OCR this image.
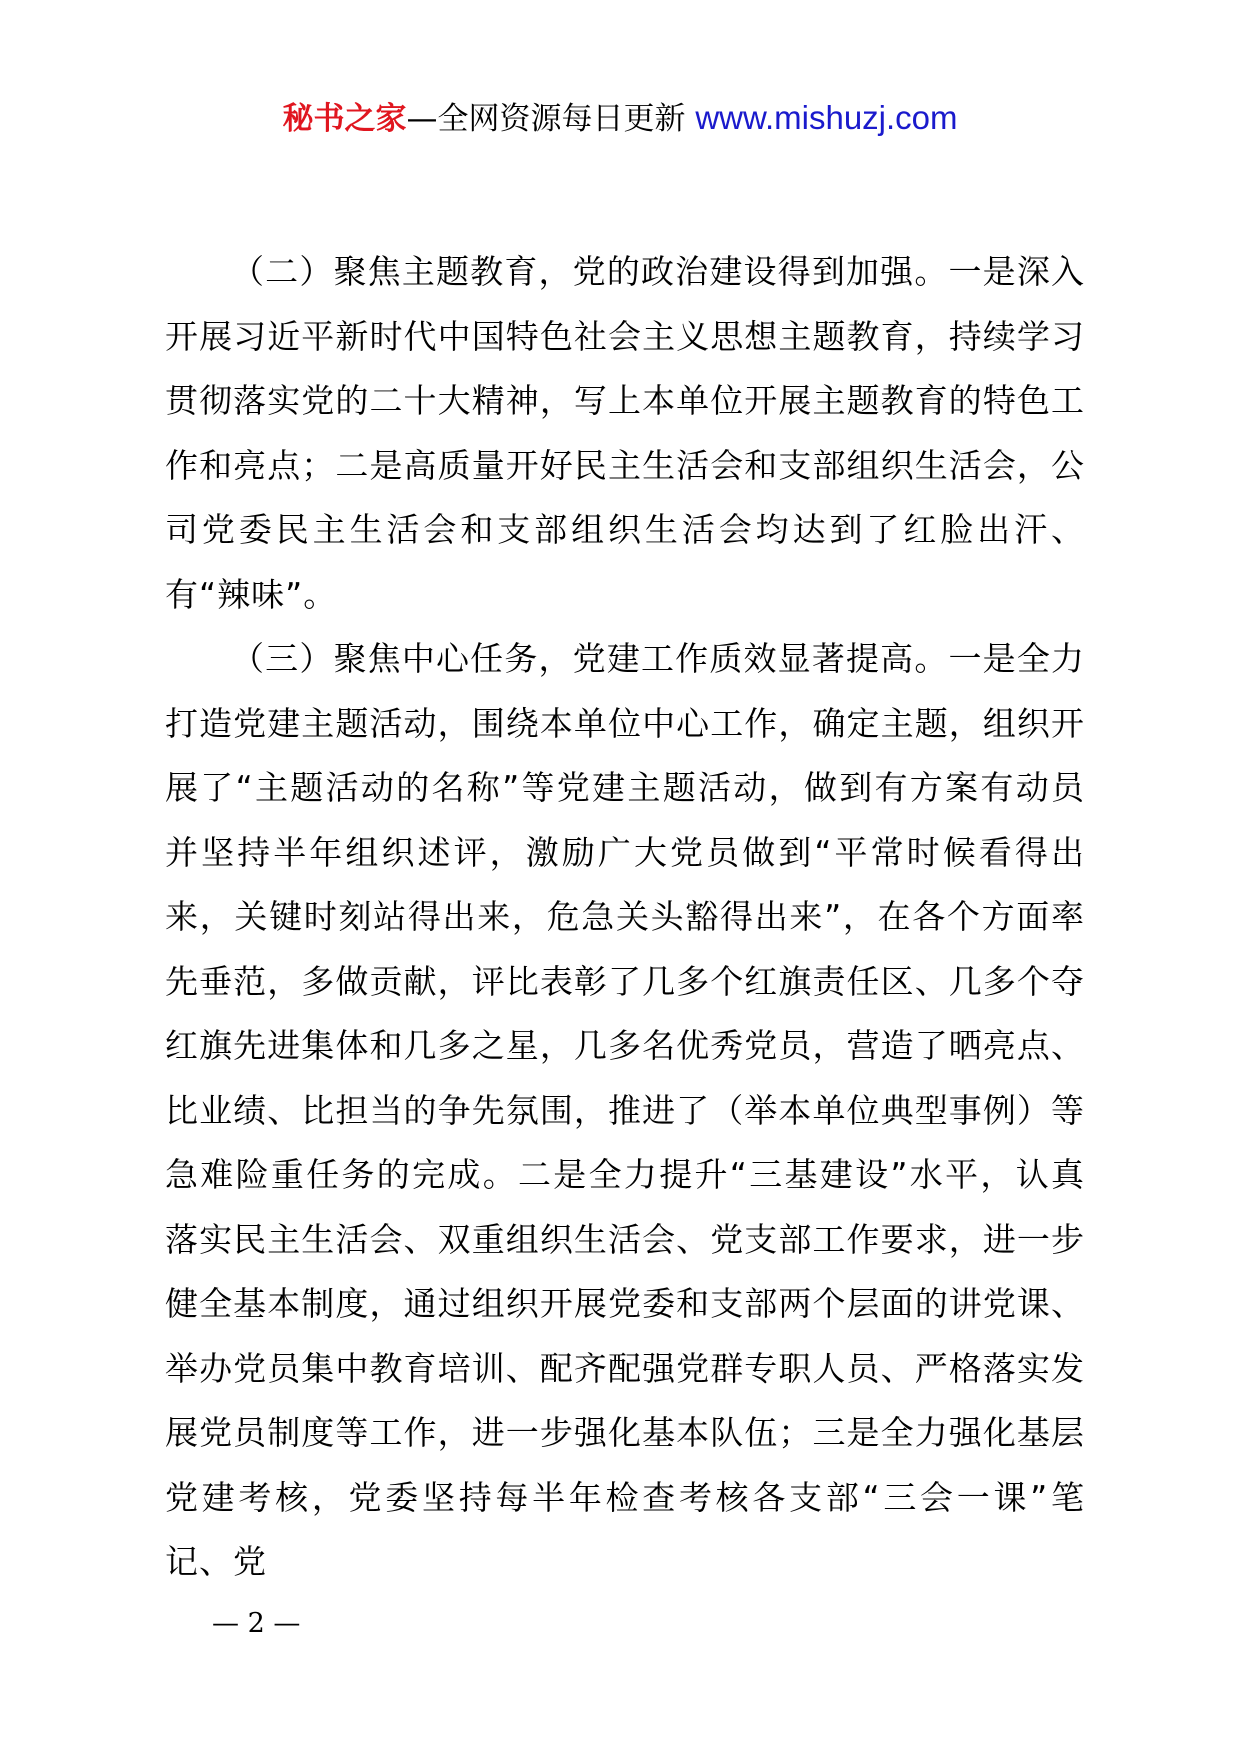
秘书之家—全网资源每日更新 www.mishuzj.com

（二）聚焦主题教育，党的政治建设得到加强。一是深入开展习近平新时代中国特色社会主义思想主题教育，持续学习贯彻落实党的二十大精神，写上本单位开展主题教育的特色工作和亮点；二是高质量开好民主生活会和支部组织生活会，公司党委民主生活会和支部组织生活会均达到了红脸出汗、有“辣味”。

（三）聚焦中心任务，党建工作质效显著提高。一是全力打造党建主题活动，围绕本单位中心工作，确定主题，组织开展了“主题活动的名称”等党建主题活动，做到有方案有动员并坚持半年组织述评，激励广大党员做到“平常时候看得出来，关键时刻站得出来，危急关头豁得出来”，在各个方面率先垂范，多做贡献，评比表彰了几多个红旗责任区、几多个夺红旗先进集体和几多之星，几多名优秀党员，营造了晒亮点、比业绩、比担当的争先氛围，推进了（举本单位典型事例）等急难险重任务的完成。二是全力提升“三基建设”水平，认真落实民主生活会、双重组织生活会、党支部工作要求，进一步健全基本制度，通过组织开展党委和支部两个层面的讲党课、举办党员集中教育培训、配齐配强党群专职人员、严格落实发展党员制度等工作，进一步强化基本队伍；三是全力强化基层党建考核，党委坚持每半年检查考核各支部“三会一课”笔记、党

— 2 —
